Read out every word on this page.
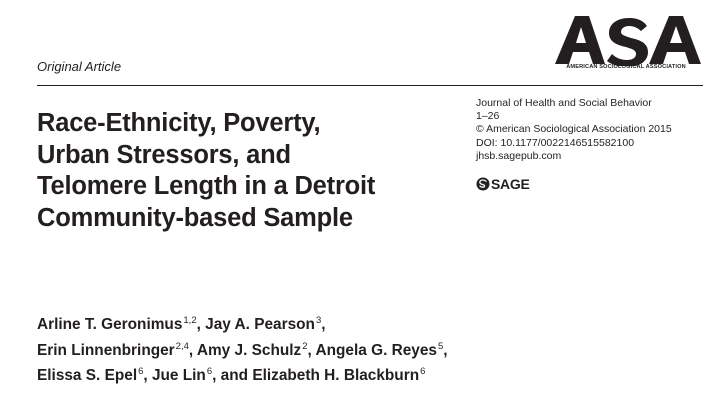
AMERICAN SOCIOLOGICAL ASSOCIATION
Original Article
Race-Ethnicity, Poverty,
Urban Stressors, and
Telomere Length in a Detroit
Community-based Sample
Journal of Health and Social Behavior
1–26
© American Sociological Association 2015
DOI: 10.1177/0022146515582100
jhsb.sagepub.com
SAGE
Arline T. Geronimus$^{1,2}$, Jay A. Pearson$^3$,
Erin Linnenbringer$^{2,4}$, Amy J. Schulz$^2$, Angela G. Reyes$^5$,
Elissa S. Epel$^6$, Jue Lin$^6$, and Elizabeth H. Blackburn$^6$
